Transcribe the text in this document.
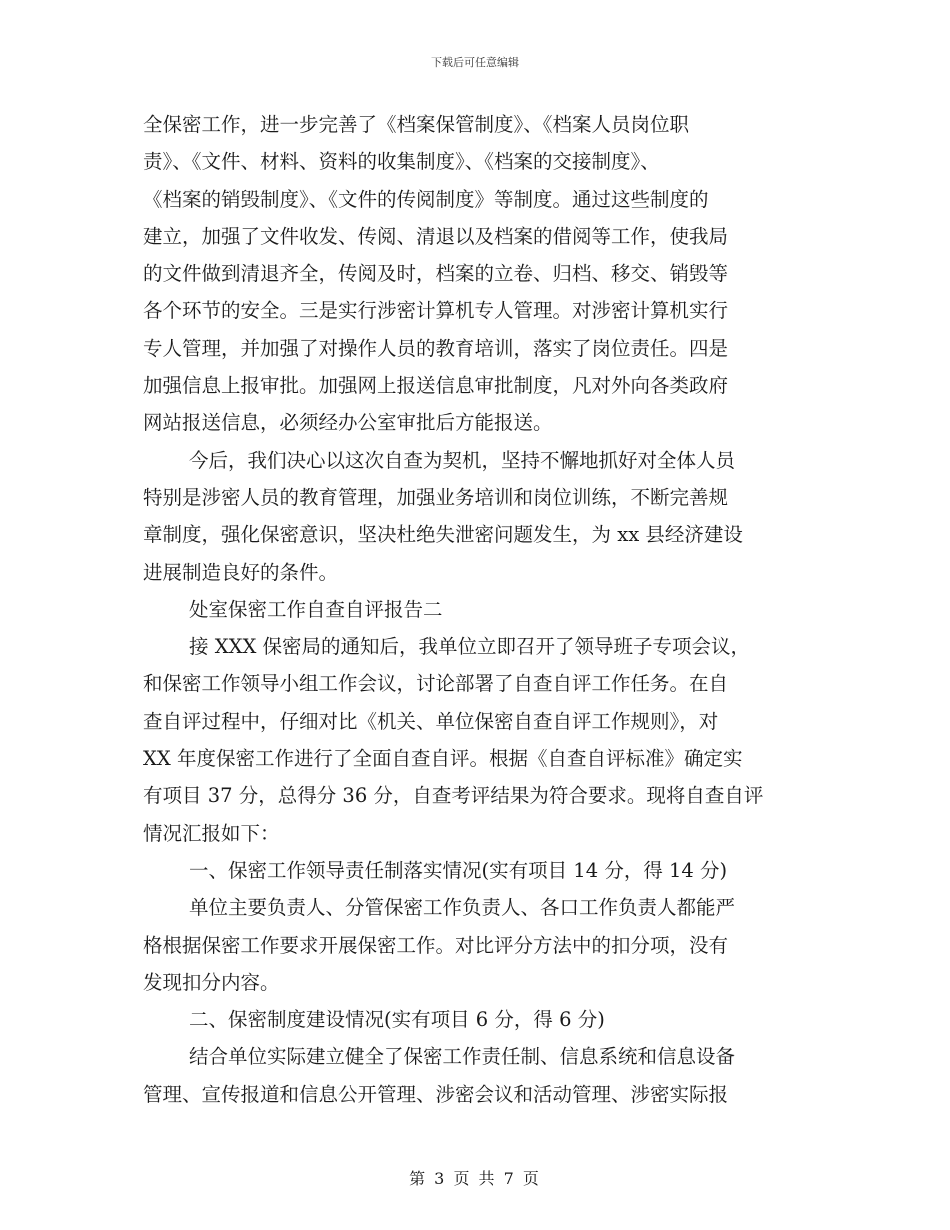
下载后可任意编辑
全保密工作，进一步完善了《档案保管制度》、《档案人员岗位职
责》、《文件、材料、资料的收集制度》、《档案的交接制度》、
《档案的销毁制度》、《文件的传阅制度》等制度。通过这些制度的
建立，加强了文件收发、传阅、清退以及档案的借阅等工作，使我局
的文件做到清退齐全，传阅及时，档案的立卷、归档、移交、销毁等
各个环节的安全。三是实行涉密计算机专人管理。对涉密计算机实行
专人管理，并加强了对操作人员的教育培训，落实了岗位责任。四是
加强信息上报审批。加强网上报送信息审批制度，凡对外向各类政府
网站报送信息，必须经办公室审批后方能报送。
今后，我们决心以这次自查为契机，坚持不懈地抓好对全体人员
特别是涉密人员的教育管理，加强业务培训和岗位训练，不断完善规
章制度，强化保密意识，坚决杜绝失泄密问题发生，为 xx 县经济建设
进展制造良好的条件。
处室保密工作自查自评报告二
接 XXX 保密局的通知后，我单位立即召开了领导班子专项会议，
和保密工作领导小组工作会议，讨论部署了自查自评工作任务。在自
查自评过程中，仔细对比《机关、单位保密自查自评工作规则》，对
XX 年度保密工作进行了全面自查自评。根据《自查自评标准》确定实
有项目 37 分，总得分 36 分，自查考评结果为符合要求。现将自查自评
情况汇报如下：
一、保密工作领导责任制落实情况(实有项目 14 分，得 14 分)
单位主要负责人、分管保密工作负责人、各口工作负责人都能严
格根据保密工作要求开展保密工作。对比评分方法中的扣分项，没有
发现扣分内容。
二、保密制度建设情况(实有项目 6 分，得 6 分)
结合单位实际建立健全了保密工作责任制、信息系统和信息设备
管理、宣传报道和信息公开管理、涉密会议和活动管理、涉密实际报
第 3 页 共 7 页
